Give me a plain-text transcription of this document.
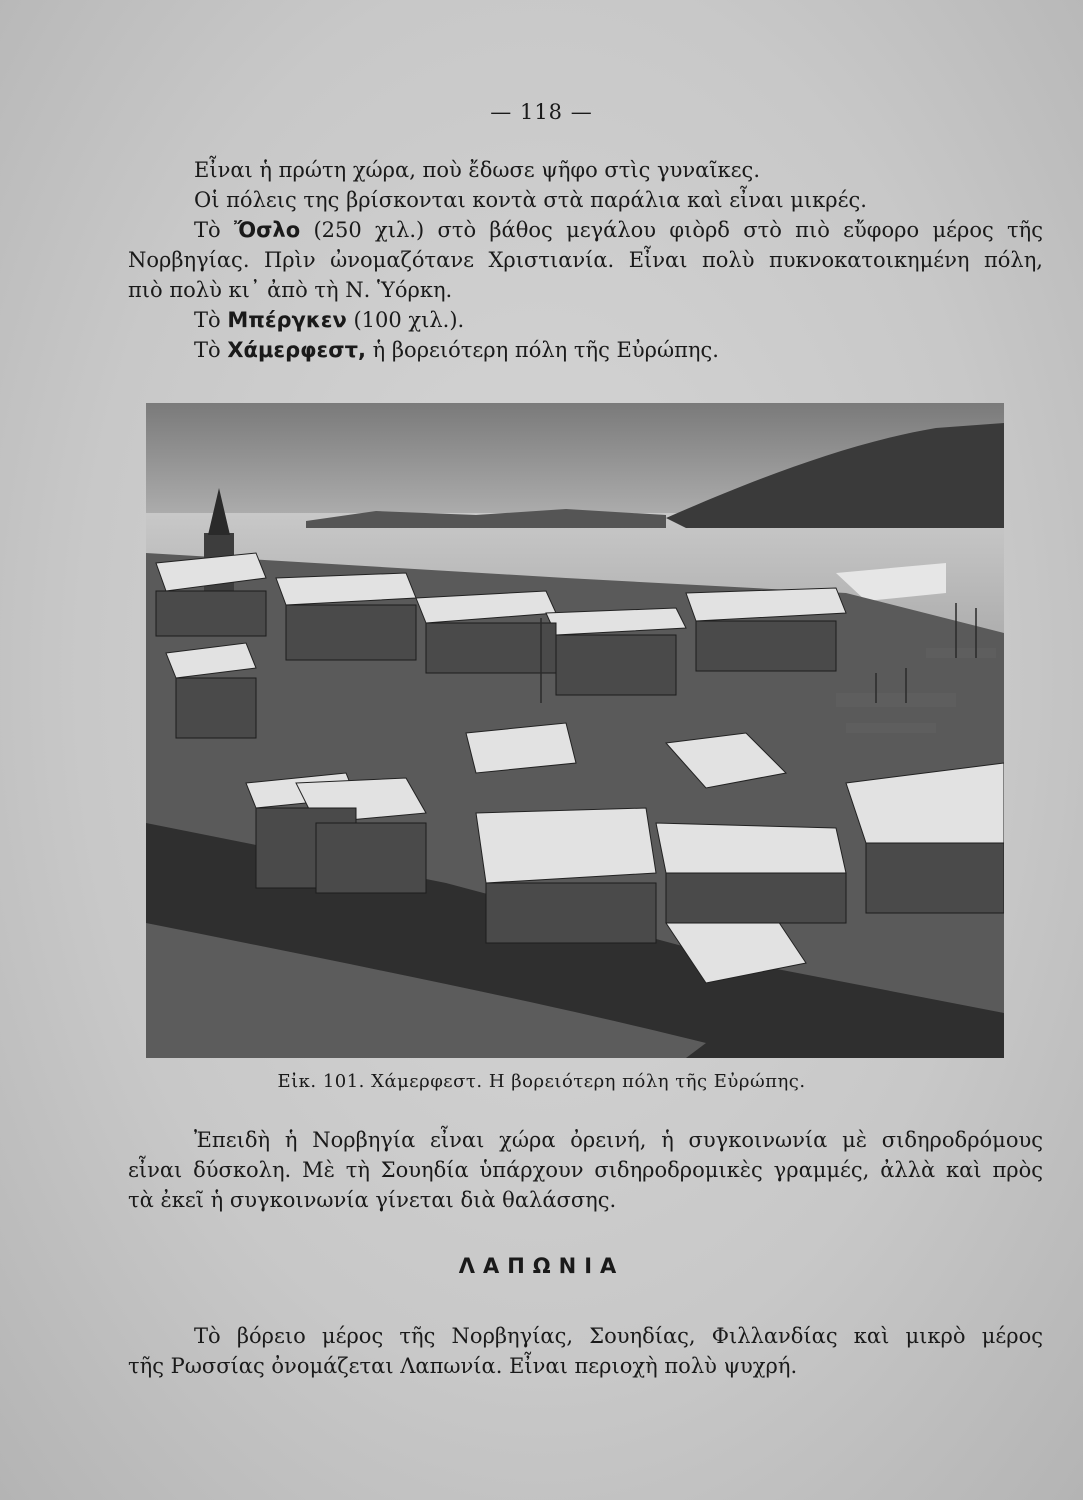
— 118 —
Εἶναι ἡ πρώτη χώρα, ποὺ ἔδωσε ψῆφο στὶς γυναῖκες.
Οἱ πόλεις της βρίσκονται κοντὰ στὰ παράλια καὶ εἶναι μικρές.
Τὸ Ὄσλο (250 χιλ.) στὸ βάθος μεγάλου φιὸρδ στὸ πιὸ εὔφορο μέρος τῆς
Νορβηγίας. Πρὶν ὠνομαζότανε Χριστιανία. Εἶναι πολὺ πυκνοκατοικημένη πόλη,
πιὸ πολὺ κι᾿ ἀπὸ τὴ Ν. Ὑόρκη.
Τὸ Μπέργκεν (100 χιλ.).
Τὸ Χάμερφεστ, ἡ βορειότερη πόλη τῆς Εὐρώπης.
Εἰκ. 101. Χάμερφεστ. Η βορειότερη πόλη τῆς Εὐρώπης.
Ἐπειδὴ ἡ Νορβηγία εἶναι χώρα ὀρεινή, ἡ συγκοινωνία μὲ σιδηροδρόμους
εἶναι δύσκολη. Μὲ τὴ Σουηδία ὑπάρχουν σιδηροδρομικὲς γραμμές, ἀλλὰ καὶ πρὸς
τὰ ἐκεῖ ἡ συγκοινωνία γίνεται διὰ θαλάσσης.
ΛΑΠΩΝΙΑ
Τὸ βόρειο μέρος τῆς Νορβηγίας, Σουηδίας, Φιλλανδίας καὶ μικρὸ μέρος
τῆς Ρωσσίας ὀνομάζεται Λαπωνία. Εἶναι περιοχὴ πολὺ ψυχρή.
